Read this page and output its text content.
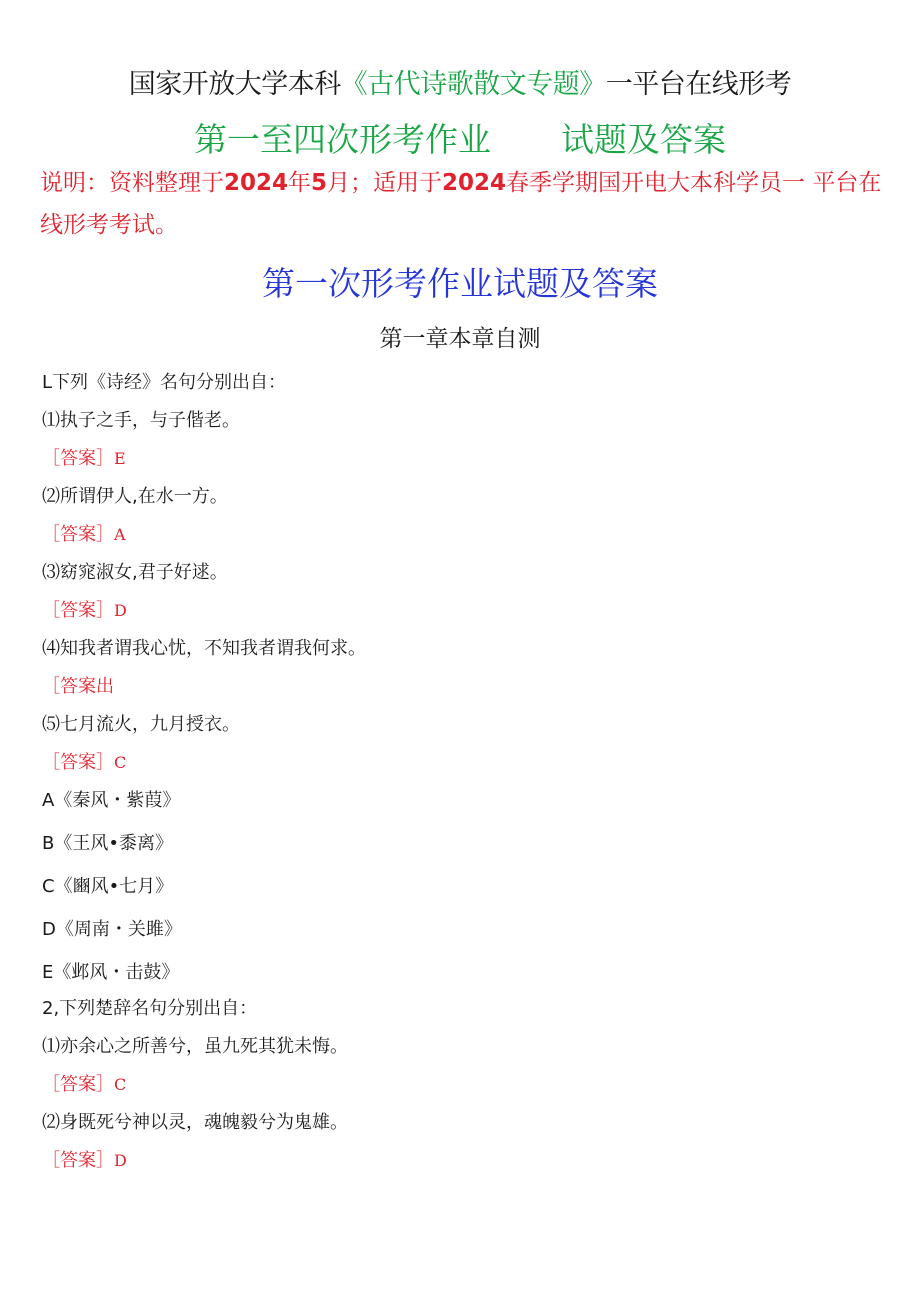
国家开放大学本科《古代诗歌散文专题》一平台在线形考
第一至四次形考作业 试题及答案
说明：资料整理于2024年5月；适用于2024春季学期国开电大本科学员一 平台在线形考考试。
第一次形考作业试题及答案
第一章本章自测
L下列《诗经》名句分别出自：
⑴执子之手，与子偕老。
［答案］E
⑵所谓伊人,在水一方。
［答案］A
⑶窈窕淑女,君子好逑。
［答案］D
⑷知我者谓我心忧，不知我者谓我何求。
［答案出
⑸七月流火，九月授衣。
［答案］C
A《秦风・紫葭》
B《王风•黍离》
C《豳风•七月》
D《周南・关雎》
E《邺风・击鼓》
2,下列楚辞名句分别出自：
⑴亦余心之所善兮，虽九死其犹未悔。
［答案］C
⑵身既死兮神以灵，魂魄毅兮为鬼雄。
［答案］D
